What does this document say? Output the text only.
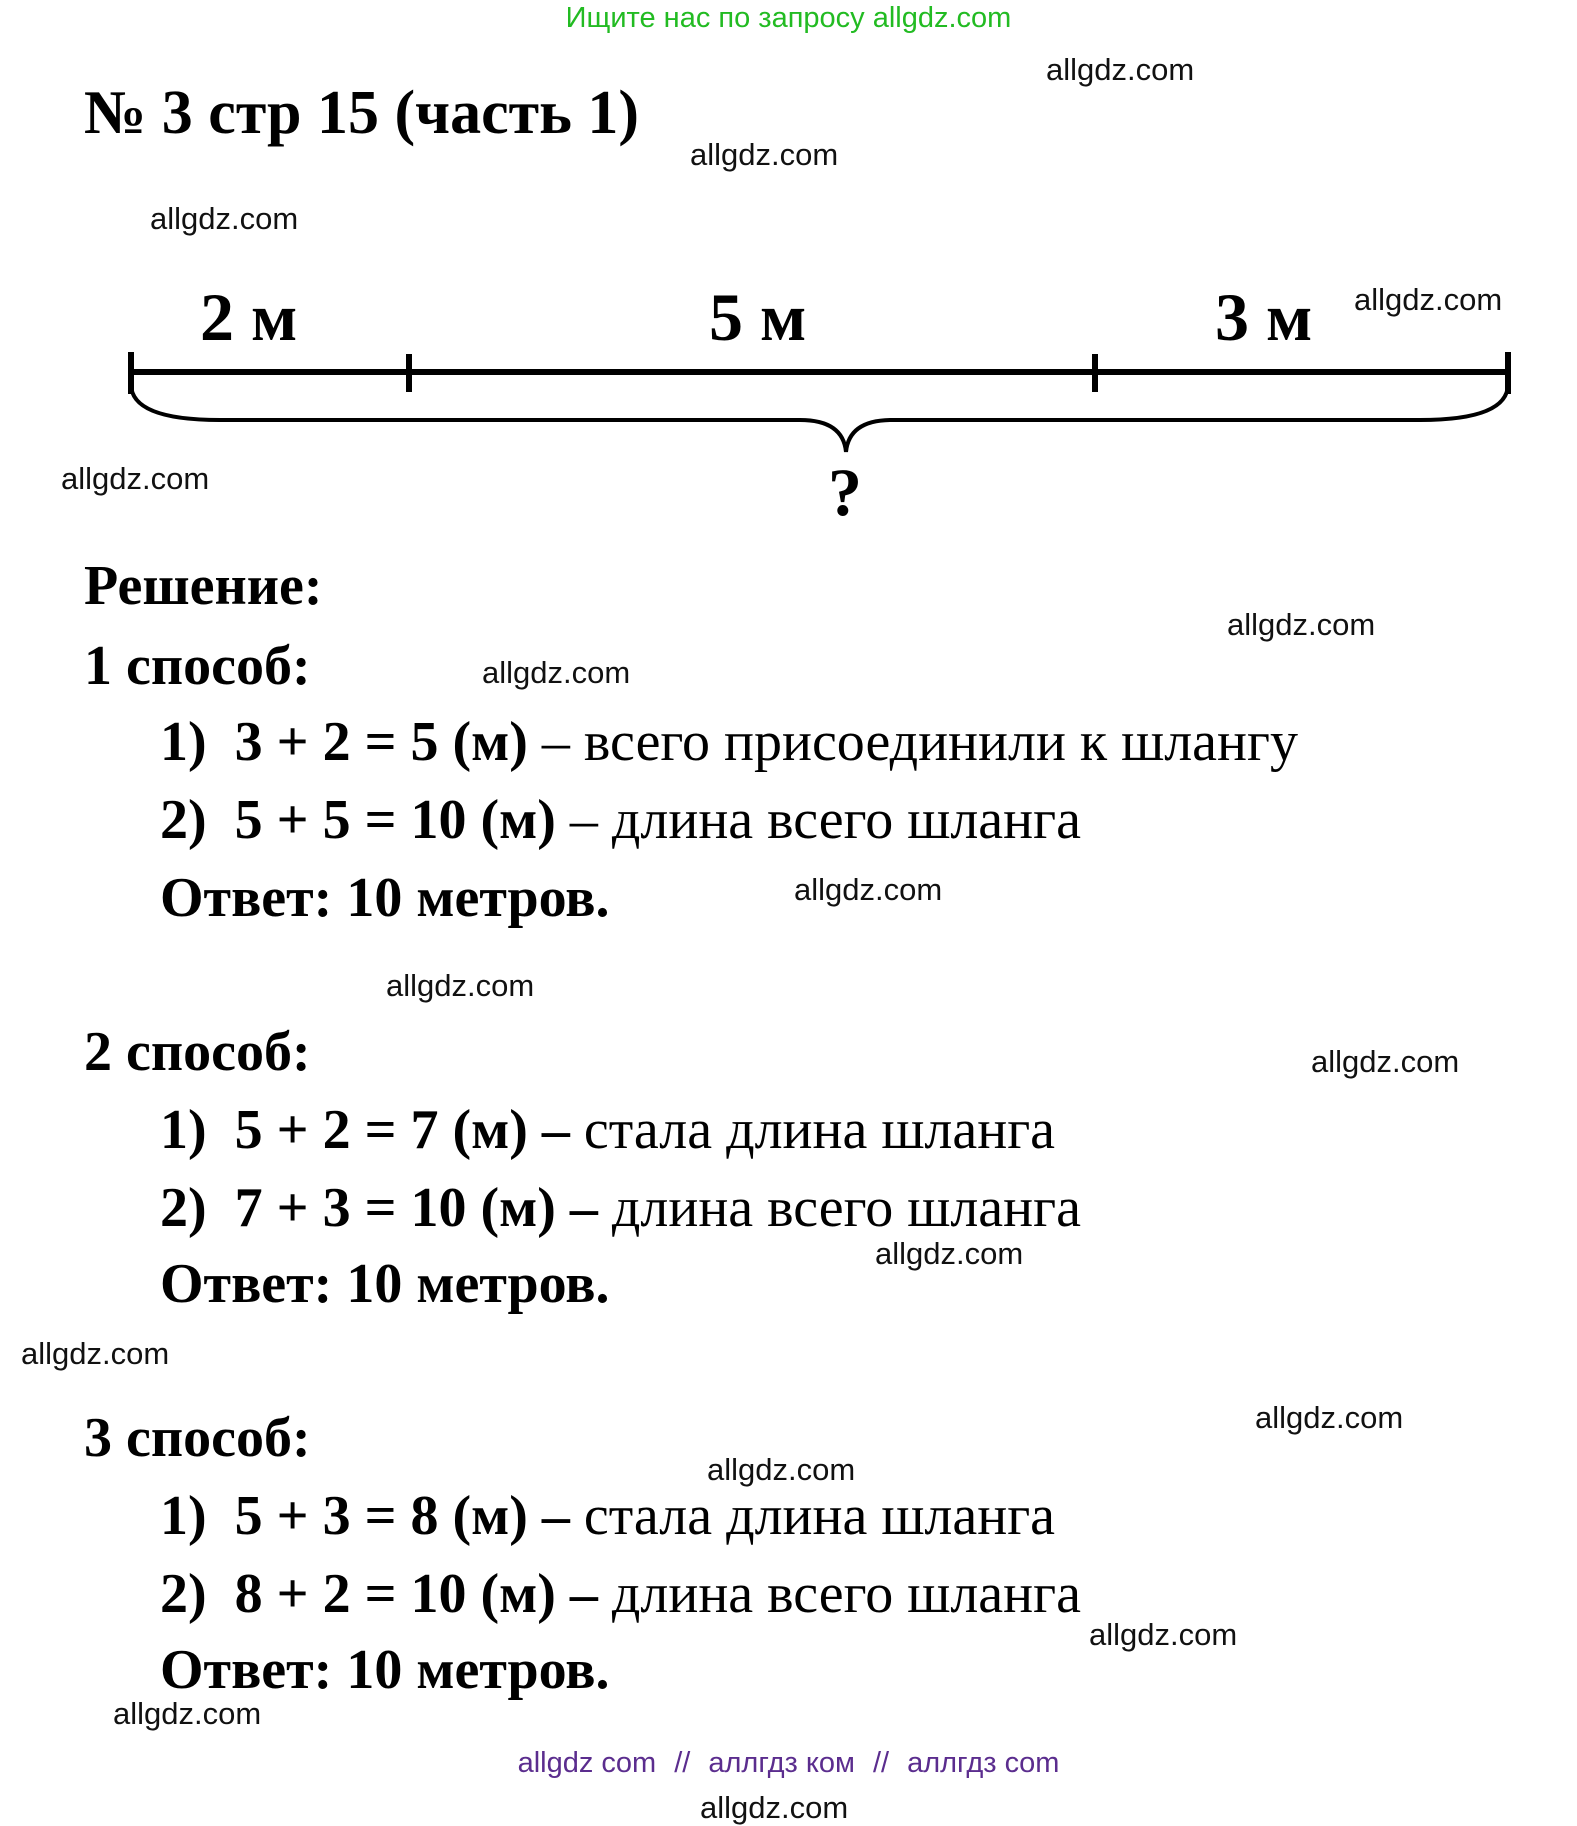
Ищите нас по запросу allgdz.com
№ 3 стр 15 (часть 1)
2 м	5 м	3 м
?
Решение:
1 способ:
1) 3 + 2 = 5 (м) – всего присоединили к шлангу
2) 5 + 5 = 10 (м) – длина всего шланга
Ответ: 10 метров.
2 способ:
1) 5 + 2 = 7 (м) – стала длина шланга
2) 7 + 3 = 10 (м) – длина всего шланга
Ответ: 10 метров.
3 способ:
1) 5 + 3 = 8 (м) – стала длина шланга
2) 8 + 2 = 10 (м) – длина всего шланга
Ответ: 10 метров.
allgdz.com
allgdz.com
allgdz.com
allgdz.com
allgdz.com
allgdz.com
allgdz.com
allgdz.com
allgdz.com
allgdz.com
allgdz.com
allgdz.com
allgdz.com
allgdz.com
allgdz.com
allgdz.com
allgdz.com
allgdz com // аллгдз ком // аллгдз com
